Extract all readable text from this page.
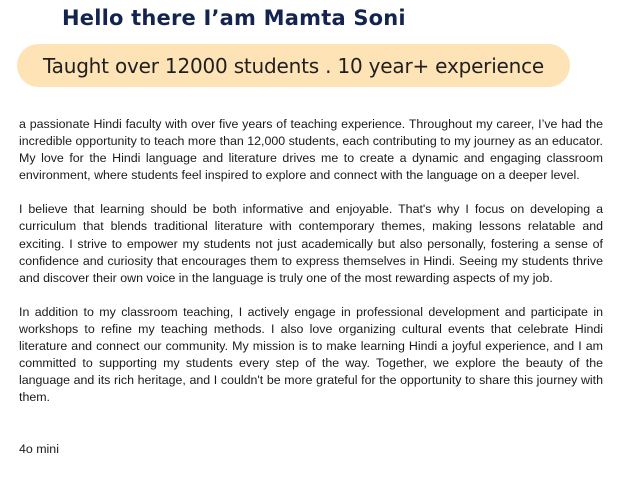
Hello there I’am Mamta Soni
Taught over 12000 students . 10 year+ experience

a passionate Hindi faculty with over five years of teaching experience. Throughout my career, I’ve had the incredible opportunity to teach more than 12,000 students, each contributing to my journey as an educator. My love for the Hindi language and literature drives me to create a dynamic and engaging classroom environment, where students feel inspired to explore and connect with the language on a deeper level.

I believe that learning should be both informative and enjoyable. That's why I focus on developing a curriculum that blends traditional literature with contemporary themes, making lessons relatable and exciting. I strive to empower my students not just academically but also personally, fostering a sense of confidence and curiosity that encourages them to express themselves in Hindi. Seeing my students thrive and discover their own voice in the language is truly one of the most rewarding aspects of my job.

In addition to my classroom teaching, I actively engage in professional development and participate in workshops to refine my teaching methods. I also love organizing cultural events that celebrate Hindi literature and connect our community. My mission is to make learning Hindi a joyful experience, and I am committed to supporting my students every step of the way. Together, we explore the beauty of the language and its rich heritage, and I couldn't be more grateful for the opportunity to share this journey with them.

4o mini
